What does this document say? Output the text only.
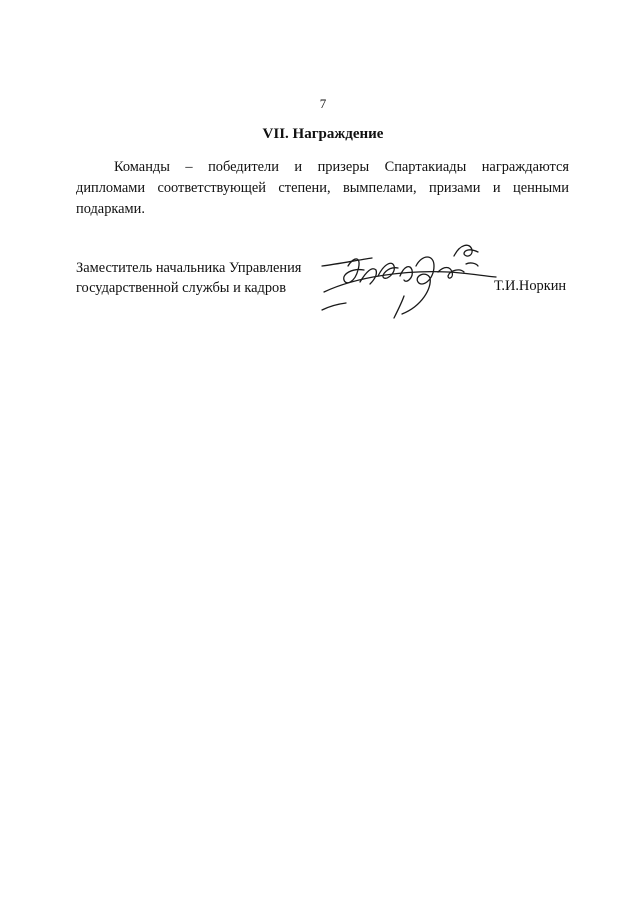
7
VII. Награждение

Команды – победители и призеры Спартакиады награждаются дипломами соответствующей степени, вымпелами, призами и ценными подарками.

Заместитель начальника Управления
государственной службы и кадров	Т.И.Норкин
